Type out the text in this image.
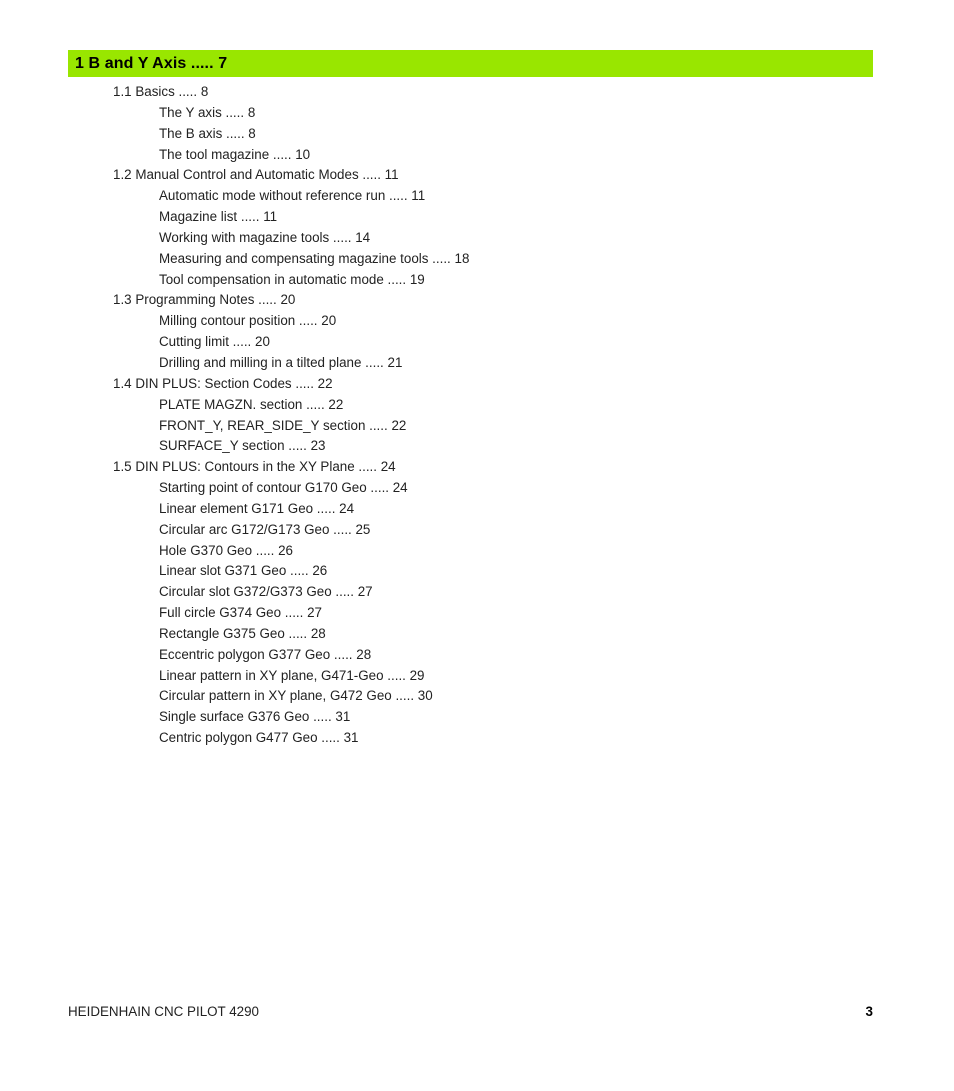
1 B and Y Axis ..... 7
1.1 Basics ..... 8
The Y axis ..... 8
The B axis ..... 8
The tool magazine ..... 10
1.2 Manual Control and Automatic Modes ..... 11
Automatic mode without reference run ..... 11
Magazine list ..... 11
Working with magazine tools ..... 14
Measuring and compensating magazine tools ..... 18
Tool compensation in automatic mode ..... 19
1.3 Programming Notes ..... 20
Milling contour position ..... 20
Cutting limit ..... 20
Drilling and milling in a tilted plane ..... 21
1.4 DIN PLUS: Section Codes ..... 22
PLATE MAGZN. section ..... 22
FRONT_Y, REAR_SIDE_Y section ..... 22
SURFACE_Y section ..... 23
1.5 DIN PLUS: Contours in the XY Plane ..... 24
Starting point of contour G170 Geo ..... 24
Linear element G171 Geo ..... 24
Circular arc G172/G173 Geo ..... 25
Hole G370 Geo ..... 26
Linear slot G371 Geo ..... 26
Circular slot G372/G373 Geo ..... 27
Full circle G374 Geo ..... 27
Rectangle G375 Geo ..... 28
Eccentric polygon G377 Geo ..... 28
Linear pattern in XY plane, G471-Geo ..... 29
Circular pattern in XY plane, G472 Geo ..... 30
Single surface G376 Geo ..... 31
Centric polygon G477 Geo ..... 31
HEIDENHAIN CNC PILOT 4290	3
